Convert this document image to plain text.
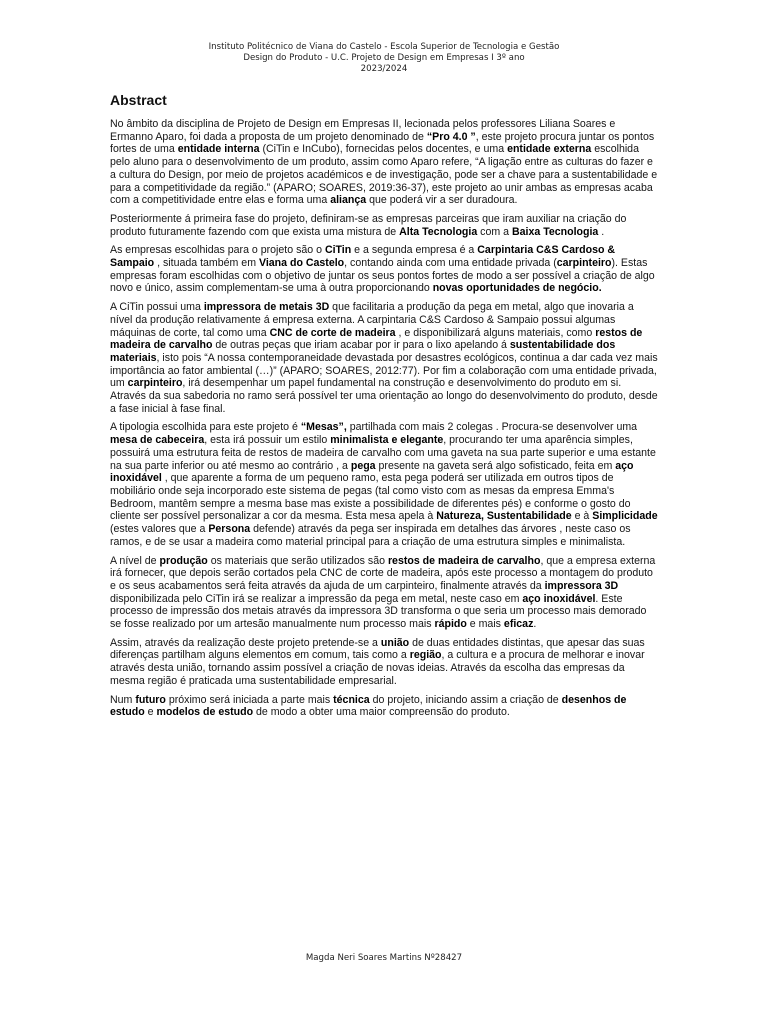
Instituto Politécnico de Viana do Castelo - Escola Superior de Tecnologia e Gestão
Design do Produto - U.C. Projeto de Design em Empresas I 3º ano
2023/2024
Abstract

No âmbito da disciplina de Projeto de Design em Empresas II, lecionada pelos professores Liliana Soares e Ermanno Aparo, foi dada a proposta de um projeto denominado de “Pro 4.0 ”, este projeto procura juntar os pontos fortes de uma entidade interna (CiTin e InCubo), fornecidas pelos docentes, e uma entidade externa escolhida pelo aluno para o desenvolvimento de um produto, assim como Aparo refere, “A ligação entre as culturas do fazer e a cultura do Design, por meio de projetos académicos e de investigação, pode ser a chave para a sustentabilidade e para a competitividade da região.” (APARO; SOARES, 2019:36-37), este projeto ao unir ambas as empresas acaba com a competitividade entre elas e forma uma aliança que poderá vir a ser duradoura.

Posteriormente á primeira fase do projeto, definiram-se as empresas parceiras que iram auxiliar na criação do produto futuramente fazendo com que exista uma mistura de Alta Tecnologia com a Baixa Tecnologia .

As empresas escolhidas para o projeto são o CiTin e a segunda empresa é a Carpintaria C&S Cardoso & Sampaio , situada também em Viana do Castelo, contando ainda com uma entidade privada (carpinteiro). Estas empresas foram escolhidas com o objetivo de juntar os seus pontos fortes de modo a ser possível a criação de algo novo e único, assim complementam-se uma à outra proporcionando novas oportunidades de negócio.

A CiTin possui uma impressora de metais 3D que facilitaria a produção da pega em metal, algo que inovaria a nível da produção relativamente á empresa externa. A carpintaria C&S Cardoso & Sampaio possui algumas máquinas de corte, tal como uma CNC de corte de madeira , e disponibilizará alguns materiais, como restos de madeira de carvalho de outras peças que iriam acabar por ir para o lixo apelando á sustentabilidade dos materiais, isto pois “A nossa contemporaneidade devastada por desastres ecológicos, continua a dar cada vez mais importância ao fator ambiental (…)” (APARO; SOARES, 2012:77). Por fim a colaboração com uma entidade privada, um carpinteiro, irá desempenhar um papel fundamental na construção e desenvolvimento do produto em si. Através da sua sabedoria no ramo será possível ter uma orientação ao longo do desenvolvimento do produto, desde a fase inicial à fase final.

A tipologia escolhida para este projeto é “Mesas”, partilhada com mais 2 colegas . Procura-se desenvolver uma mesa de cabeceira, esta irá possuir um estilo minimalista e elegante, procurando ter uma aparência simples, possuirá uma estrutura feita de restos de madeira de carvalho com uma gaveta na sua parte superior e uma estante na sua parte inferior ou até mesmo ao contrário , a pega presente na gaveta será algo sofisticado, feita em aço inoxidável , que aparente a forma de um pequeno ramo, esta pega poderá ser utilizada em outros tipos de mobiliário onde seja incorporado este sistema de pegas (tal como visto com as mesas da empresa Emma's Bedroom, mantêm sempre a mesma base mas existe a possibilidade de diferentes pés) e conforme o gosto do cliente ser possível personalizar a cor da mesma. Esta mesa apela à Natureza, Sustentabilidade e à Simplicidade (estes valores que a Persona defende) através da pega ser inspirada em detalhes das árvores , neste caso os ramos, e de se usar a madeira como material principal para a criação de uma estrutura simples e minimalista.

A nível de produção os materiais que serão utilizados são restos de madeira de carvalho, que a empresa externa irá fornecer, que depois serão cortados pela CNC de corte de madeira, após este processo a montagem do produto e os seus acabamentos será feita através da ajuda de um carpinteiro, finalmente através da impressora 3D disponibilizada pelo CiTin irá se realizar a impressão da pega em metal, neste caso em aço inoxidável. Este processo de impressão dos metais através da impressora 3D transforma o que seria um processo mais demorado se fosse realizado por um artesão manualmente num processo mais rápido e mais eficaz.

Assim, através da realização deste projeto pretende-se a união de duas entidades distintas, que apesar das suas diferenças partilham alguns elementos em comum, tais como a região, a cultura e a procura de melhorar e inovar através desta união, tornando assim possível a criação de novas ideias. Através da escolha das empresas da mesma região é praticada uma sustentabilidade empresarial.

Num futuro próximo será iniciada a parte mais técnica do projeto, iniciando assim a criação de desenhos de estudo e modelos de estudo de modo a obter uma maior compreensão do produto.

Magda Neri Soares Martins Nº28427
